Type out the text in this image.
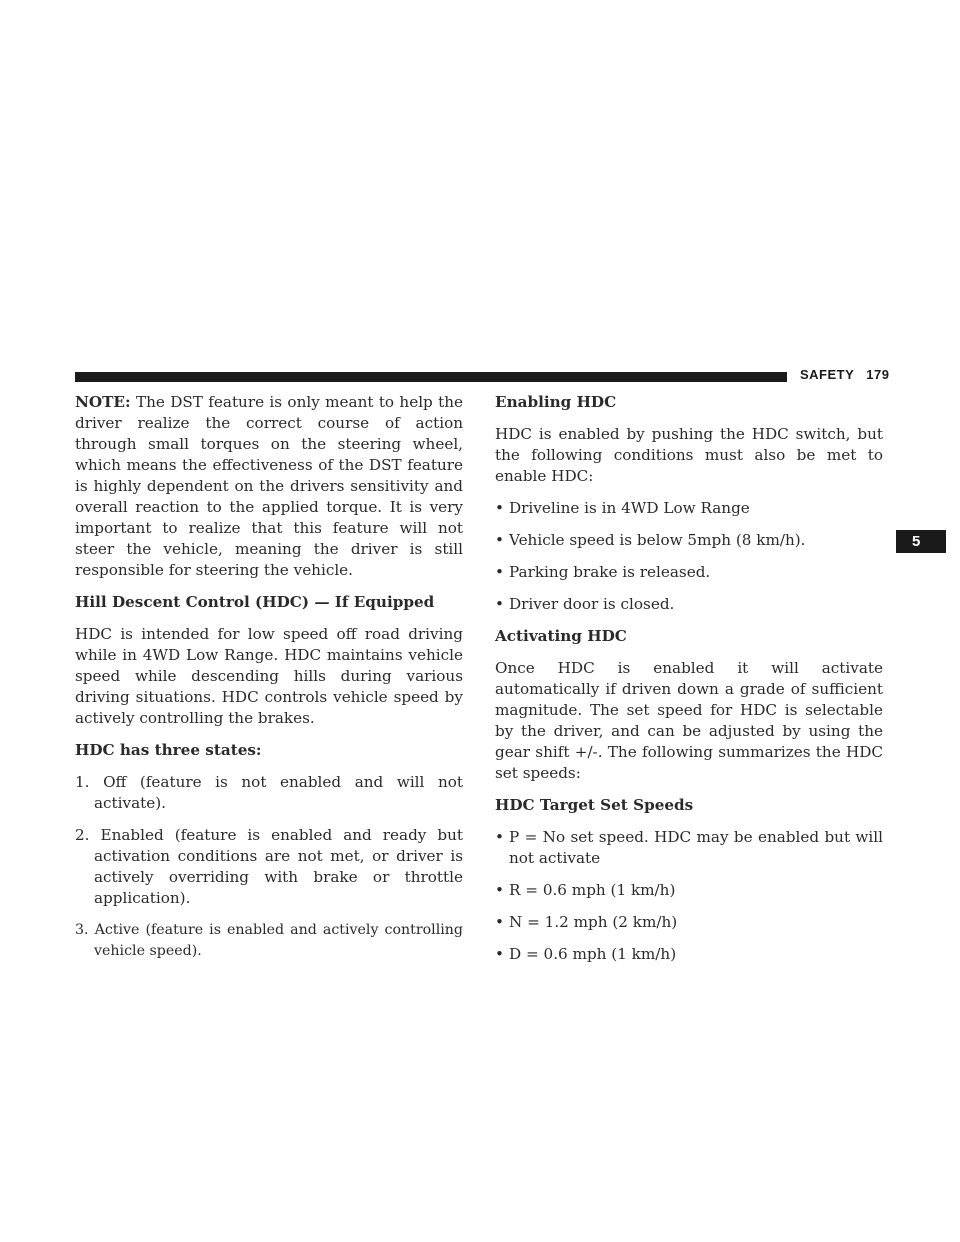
SAFETY 179
5

NOTE: The DST feature is only meant to help the driver realize the correct course of action through small torques on the steering wheel, which means the effectiveness of the DST feature is highly dependent on the drivers sensitivity and overall reaction to the applied torque. It is very important to realize that this feature will not steer the vehicle, meaning the driver is still responsible for steering the vehicle.

Hill Descent Control (HDC) — If Equipped

HDC is intended for low speed off road driving while in 4WD Low Range. HDC maintains vehicle speed while descending hills during various driving situations. HDC controls vehicle speed by actively controlling the brakes.

HDC has three states:
1. Off (feature is not enabled and will not activate).
2. Enabled (feature is enabled and ready but activation conditions are not met, or driver is actively overriding with brake or throttle application).
3. Active (feature is enabled and actively controlling vehicle speed).
Enabling HDC

HDC is enabled by pushing the HDC switch, but the following conditions must also be met to enable HDC:

• Driveline is in 4WD Low Range
• Vehicle speed is below 5mph (8 km/h).
• Parking brake is released.
• Driver door is closed.
Activating HDC

Once HDC is enabled it will activate automatically if driven down a grade of sufficient magnitude. The set speed for HDC is selectable by the driver, and can be adjusted by using the gear shift +/-. The following summarizes the HDC set speeds:

HDC Target Set Speeds
• P = No set speed. HDC may be enabled but will not activate
• R = 0.6 mph (1 km/h)
• N = 1.2 mph (2 km/h)
• D = 0.6 mph (1 km/h)
